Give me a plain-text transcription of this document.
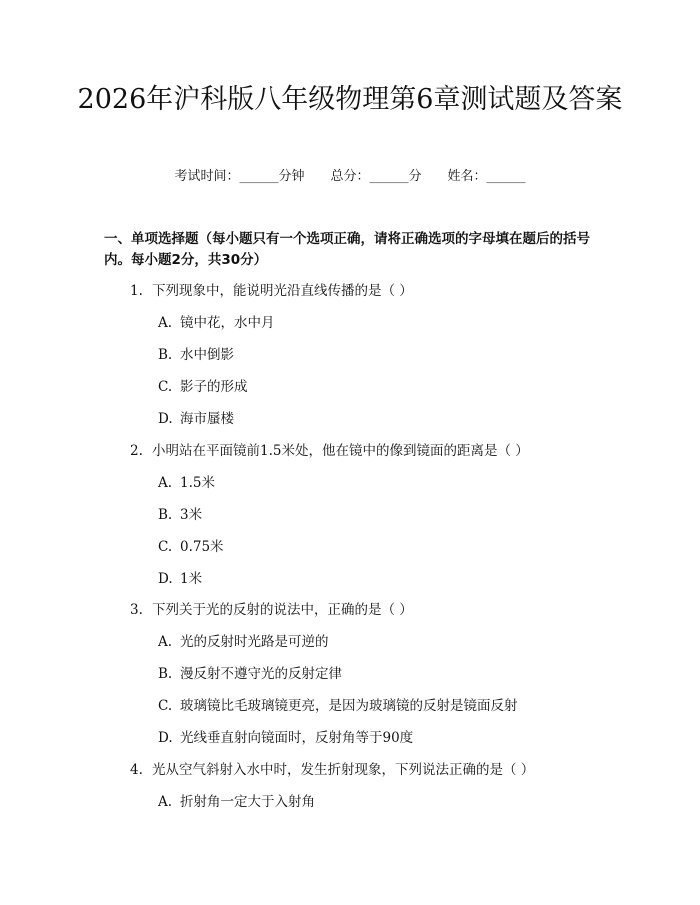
2026年沪科版八年级物理第6章测试题及答案
考试时间：______分钟 总分：______分 姓名：______
一、单项选择题（每小题只有一个选项正确，请将正确选项的字母填在题后的括号内。每小题2分，共30分）
1. 下列现象中，能说明光沿直线传播的是（ ）
A. 镜中花，水中月
B. 水中倒影
C. 影子的形成
D. 海市蜃楼
2. 小明站在平面镜前1.5米处，他在镜中的像到镜面的距离是（ ）
A. 1.5米
B. 3米
C. 0.75米
D. 1米
3. 下列关于光的反射的说法中，正确的是（ ）
A. 光的反射时光路是可逆的
B. 漫反射不遵守光的反射定律
C. 玻璃镜比毛玻璃镜更亮，是因为玻璃镜的反射是镜面反射
D. 光线垂直射向镜面时，反射角等于90度
4. 光从空气斜射入水中时，发生折射现象，下列说法正确的是（ ）
A. 折射角一定大于入射角
